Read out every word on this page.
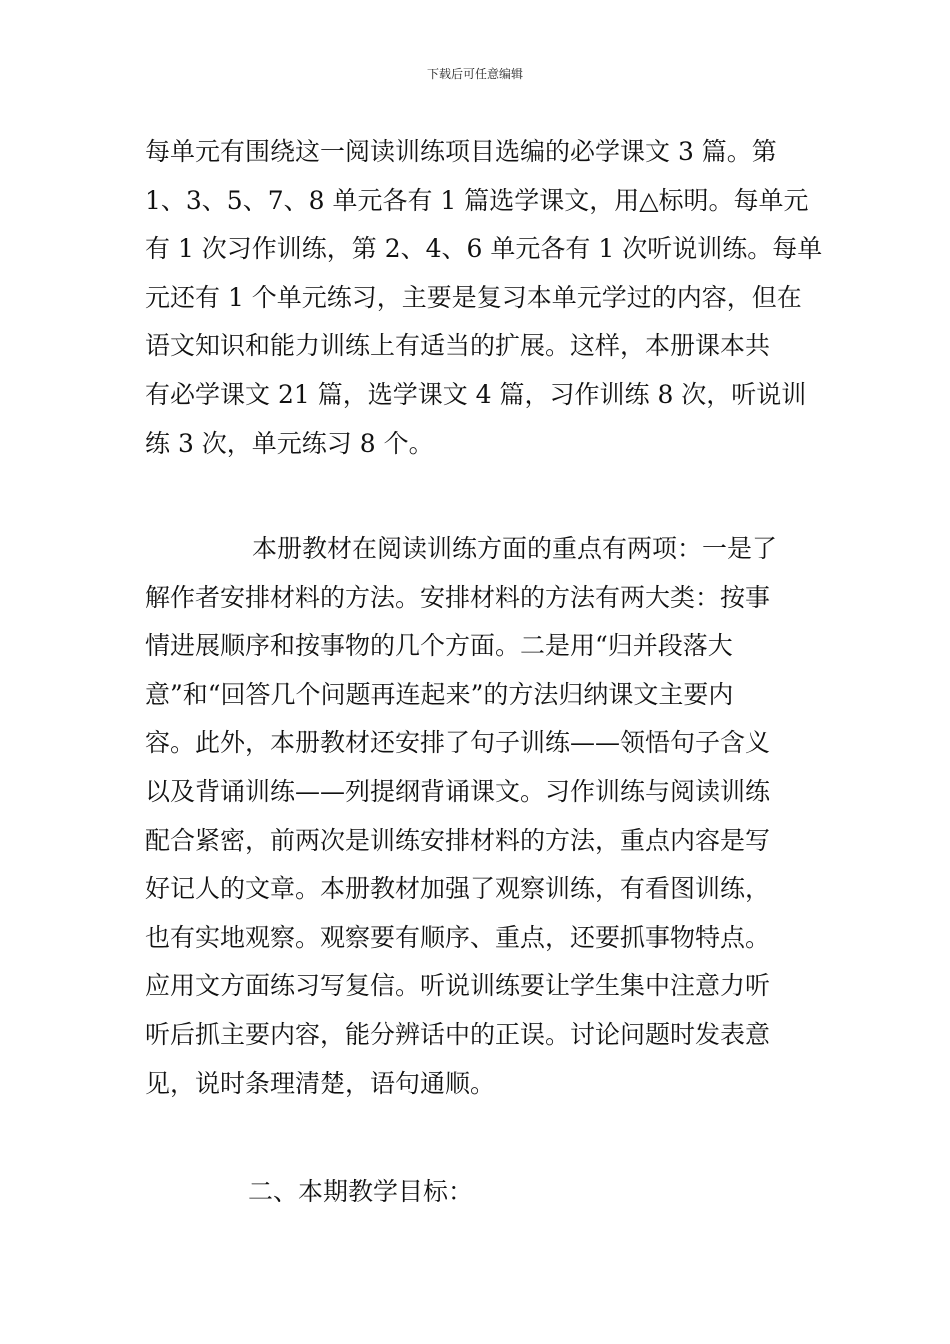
下载后可任意编辑
每单元有围绕这一阅读训练项目选编的必学课文 3 篇。第
1、3、5、7、8 单元各有 1 篇选学课文，用△标明。每单元
有 1 次习作训练，第 2、4、6 单元各有 1 次听说训练。每单
元还有 1 个单元练习，主要是复习本单元学过的内容，但在
语文知识和能力训练上有适当的扩展。这样，本册课本共
有必学课文 21 篇，选学课文 4 篇，习作训练 8 次，听说训
练 3 次，单元练习 8 个。
本册教材在阅读训练方面的重点有两项：一是了
解作者安排材料的方法。安排材料的方法有两大类：按事
情进展顺序和按事物的几个方面。二是用“归并段落大
意”和“回答几个问题再连起来”的方法归纳课文主要内
容。此外，本册教材还安排了句子训练——领悟句子含义
以及背诵训练——列提纲背诵课文。习作训练与阅读训练
配合紧密，前两次是训练安排材料的方法，重点内容是写
好记人的文章。本册教材加强了观察训练，有看图训练，
也有实地观察。观察要有顺序、重点，还要抓事物特点。
应用文方面练习写复信。听说训练要让学生集中注意力听
听后抓主要内容，能分辨话中的正误。讨论问题时发表意
见，说时条理清楚，语句通顺。
二、本期教学目标：
